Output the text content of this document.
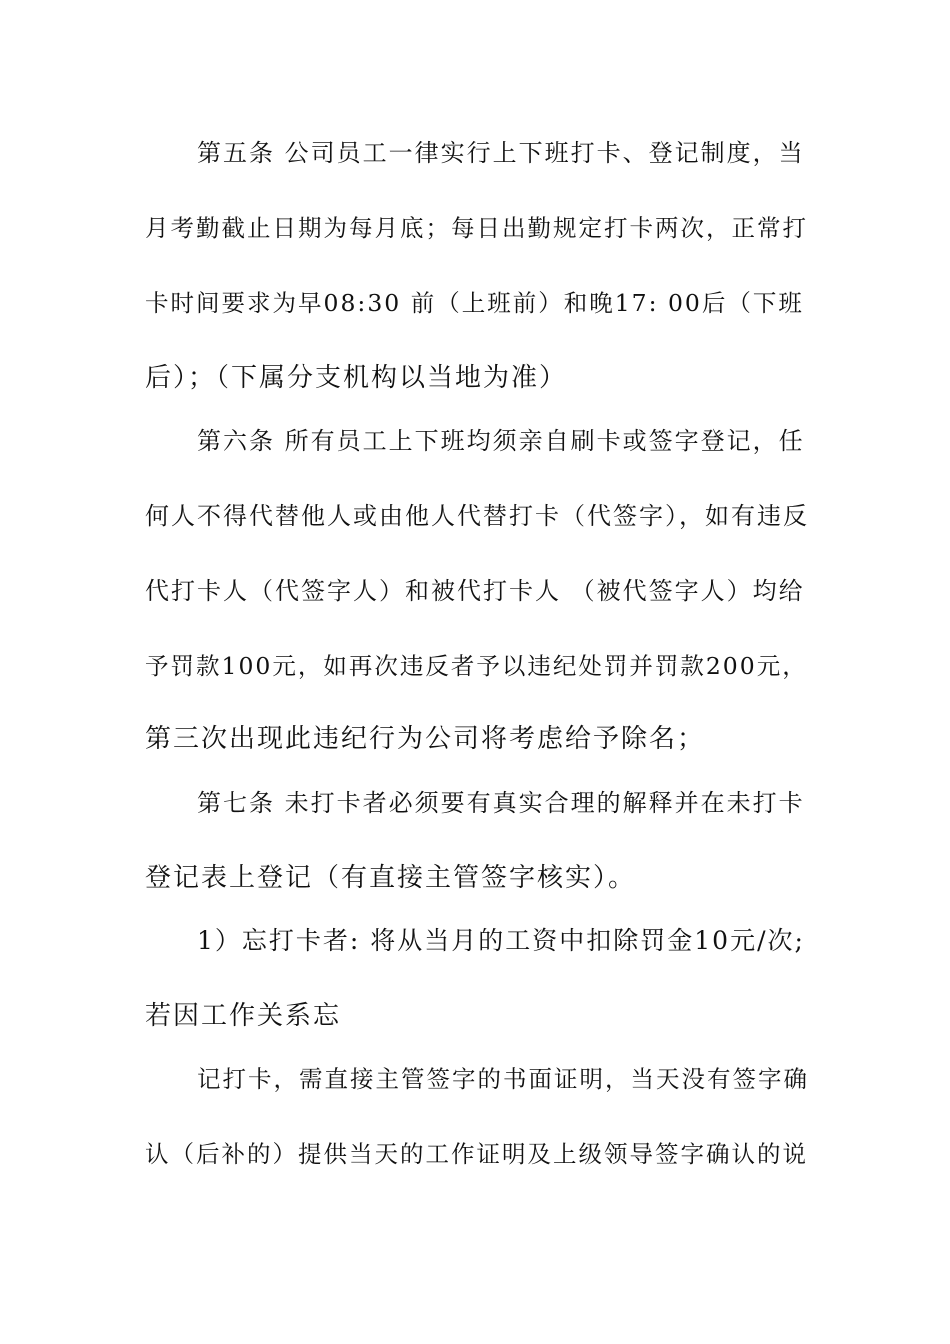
第五条 公司员工一律实行上下班打卡、登记制度，当
月考勤截止日期为每月底；每日出勤规定打卡两次，正常打
卡时间要求为早08:30 前（上班前）和晚17: 00后（下班
后）；（下属分支机构以当地为准）
第六条 所有员工上下班均须亲自刷卡或签字登记，任
何人不得代替他人或由他人代替打卡（代签字），如有违反
代打卡人（代签字人）和被代打卡人 （被代签字人）均给
予罚款100元，如再次违反者予以违纪处罚并罚款200元，
第三次出现此违纪行为公司将考虑给予除名；
第七条 未打卡者必须要有真实合理的解释并在未打卡
登记表上登记（有直接主管签字核实）。
1）忘打卡者: 将从当月的工资中扣除罚金10元/次;
若因工作关系忘
记打卡，需直接主管签字的书面证明，当天没有签字确
认（后补的）提供当天的工作证明及上级领导签字确认的说
